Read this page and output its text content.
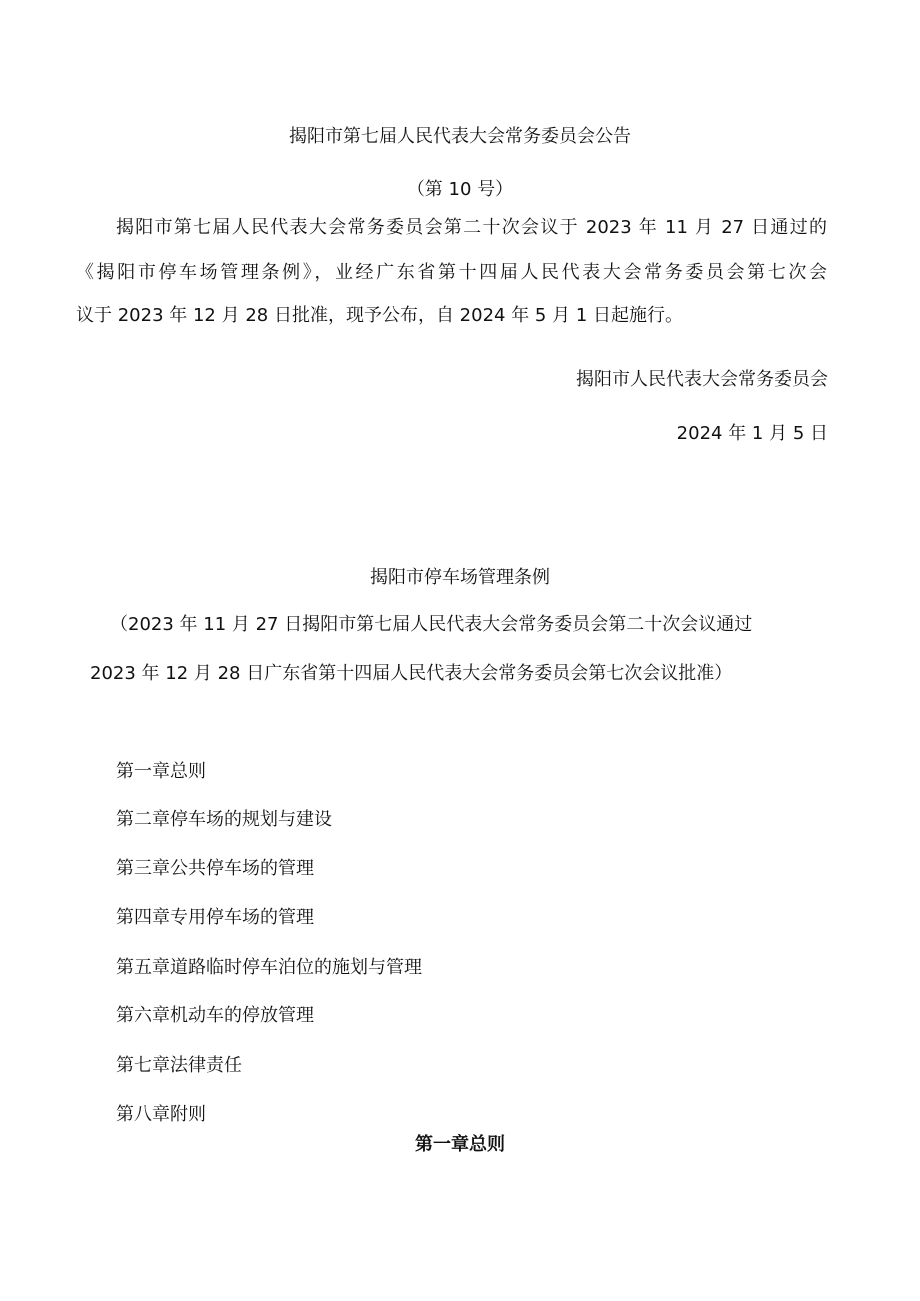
揭阳市第七届人民代表大会常务委员会公告
（第 10 号）
揭阳市第七届人民代表大会常务委员会第二十次会议于 2023 年 11 月 27 日通过的
《揭阳市停车场管理条例》，业经广东省第十四届人民代表大会常务委员会第七次会
议于 2023 年 12 月 28 日批准，现予公布，自 2024 年 5 月 1 日起施行。
揭阳市人民代表大会常务委员会
2024 年 1 月 5 日
揭阳市停车场管理条例
（2023 年 11 月 27 日揭阳市第七届人民代表大会常务委员会第二十次会议通过
2023 年 12 月 28 日广东省第十四届人民代表大会常务委员会第七次会议批准）
第一章总则
第二章停车场的规划与建设
第三章公共停车场的管理
第四章专用停车场的管理
第五章道路临时停车泊位的施划与管理
第六章机动车的停放管理
第七章法律责任
第八章附则
第一章总则
